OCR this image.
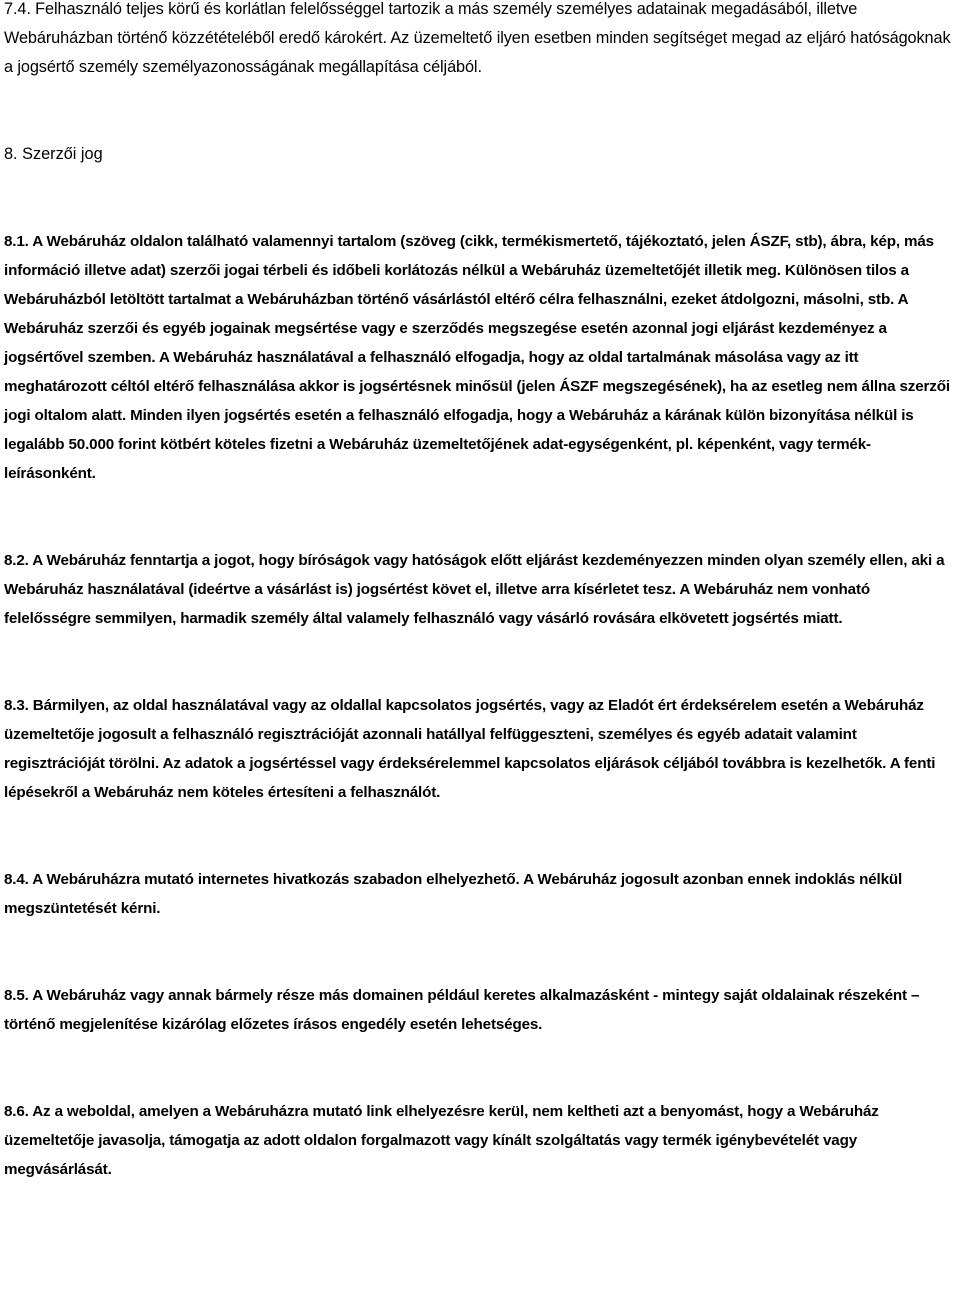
7.4. Felhasználó teljes körű és korlátlan felelősséggel tartozik a más személy személyes adatainak megadásából, illetve Webáruházban történő közzétételéből eredő károkért. Az üzemeltető ilyen esetben minden segítséget megad az eljáró hatóságoknak a jogsértő személy személyazonosságának megállapítása céljából.

8. Szerzői jog

8.1. A Webáruház oldalon található valamennyi tartalom (szöveg (cikk, termékismertető, tájékoztató, jelen ÁSZF, stb), ábra, kép, más információ illetve adat) szerzői jogai térbeli és időbeli korlátozás nélkül a Webáruház üzemeltetőjét illetik meg. Különösen tilos a Webáruházból letöltött tartalmat a Webáruházban történő vásárlástól eltérő célra felhasználni, ezeket átdolgozni, másolni, stb. A Webáruház szerzői és egyéb jogainak megsértése vagy e szerződés megszegése esetén azonnal jogi eljárást kezdeményez a jogsértővel szemben. A Webáruház használatával a felhasználó elfogadja, hogy az oldal tartalmának másolása vagy az itt meghatározott céltól eltérő felhasználása akkor is jogsértésnek minősül (jelen ÁSZF megszegésének), ha az esetleg nem állna szerzői jogi oltalom alatt. Minden ilyen jogsértés esetén a felhasználó elfogadja, hogy a Webáruház a kárának külön bizonyítása nélkül is legalább 50.000 forint kötbért köteles fizetni a Webáruház üzemeltetőjének adat-egységenként, pl. képenként, vagy termék-leírásonként.

8.2. A Webáruház fenntartja a jogot, hogy bíróságok vagy hatóságok előtt eljárást kezdeményezzen minden olyan személy ellen, aki a Webáruház használatával (ideértve a vásárlást is) jogsértést követ el, illetve arra kísérletet tesz. A Webáruház nem vonható felelősségre semmilyen, harmadik személy által valamely felhasználó vagy vásárló rovására elkövetett jogsértés miatt.

8.3. Bármilyen, az oldal használatával vagy az oldallal kapcsolatos jogsértés, vagy az Eladót ért érdeksérelem esetén a Webáruház üzemeltetője jogosult a felhasználó regisztrációját azonnali hatállyal felfüggeszteni, személyes és egyéb adatait valamint regisztrációját törölni. Az adatok a jogsértéssel vagy érdeksérelemmel kapcsolatos eljárások céljából továbbra is kezelhetők. A fenti lépésekről a Webáruház nem köteles értesíteni a felhasználót.

8.4. A Webáruházra mutató internetes hivatkozás szabadon elhelyezhető. A Webáruház jogosult azonban ennek indoklás nélkül megszüntetését kérni.

8.5. A Webáruház vagy annak bármely része más domainen például keretes alkalmazásként - mintegy saját oldalainak részeként – történő megjelenítése kizárólag előzetes írásos engedély esetén lehetséges.

8.6. Az a weboldal, amelyen a Webáruházra mutató link elhelyezésre kerül, nem keltheti azt a benyomást, hogy a Webáruház üzemeltetője javasolja, támogatja az adott oldalon forgalmazott vagy kínált szolgáltatás vagy termék igénybevételét vagy megvásárlását.
